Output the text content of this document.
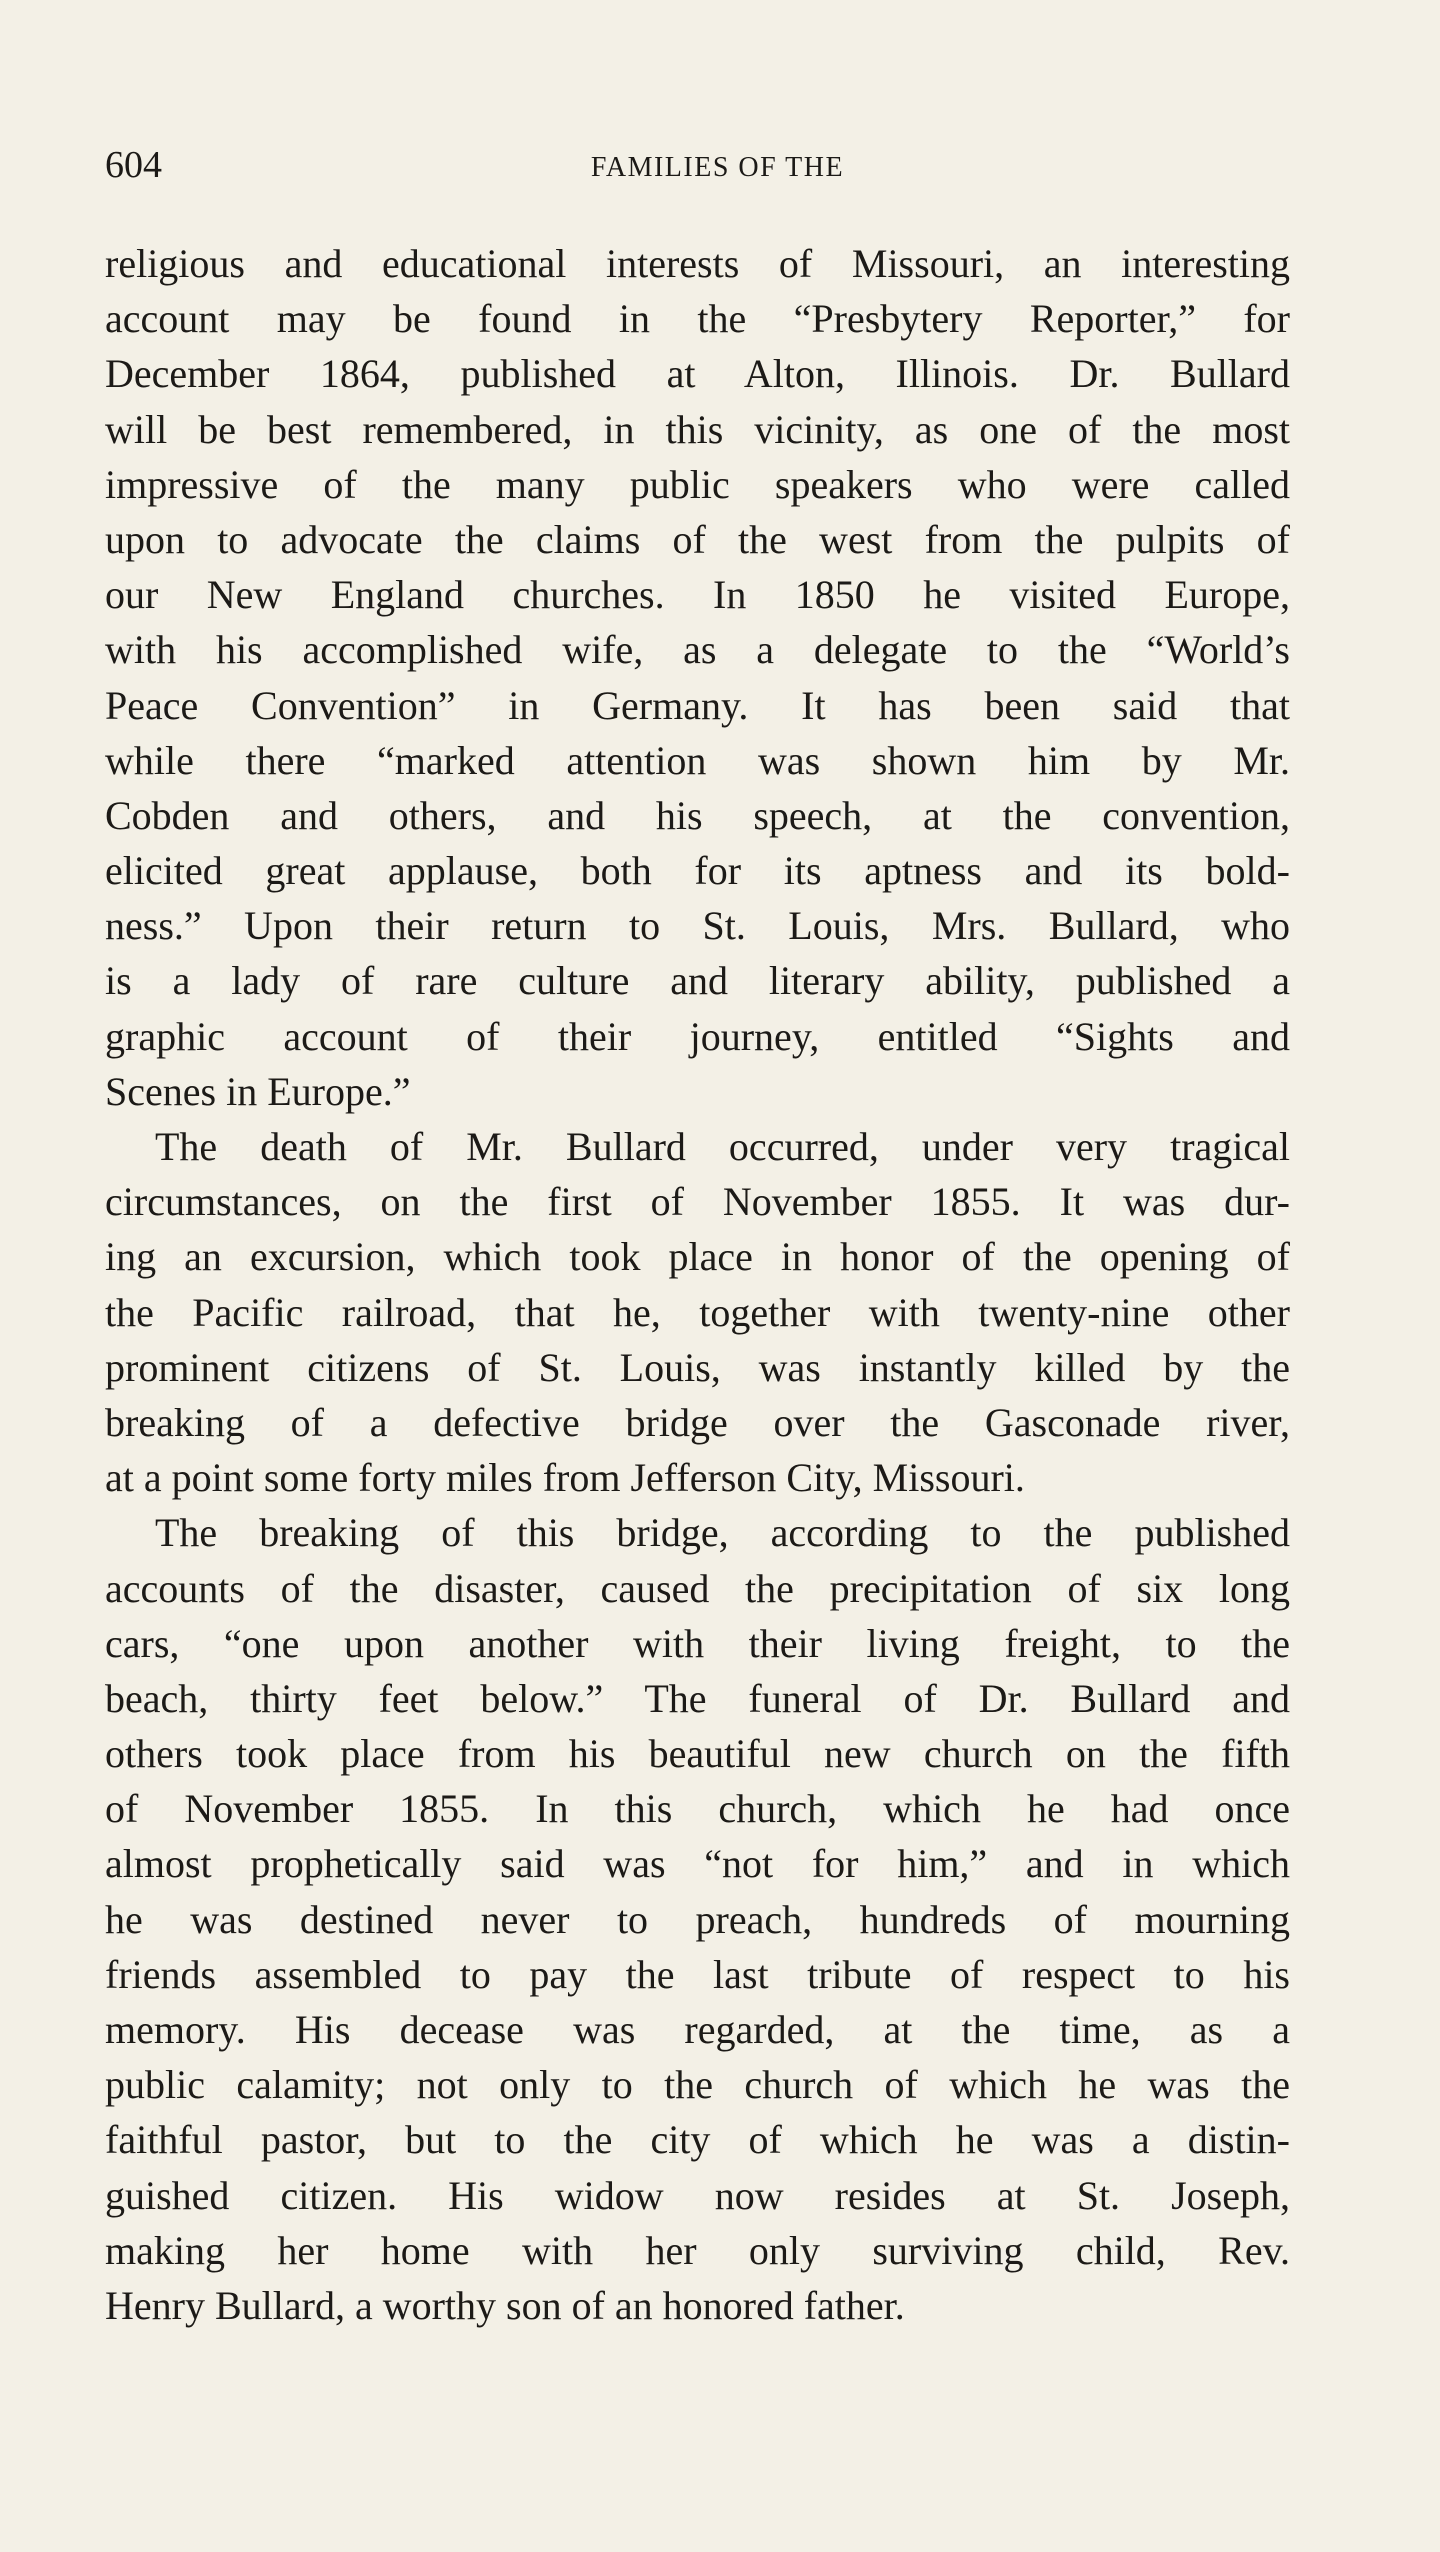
604	FAMILIES OF THE
religious and educational interests of Missouri, an interesting
account may be found in the “Presbytery Reporter,” for
December 1864, published at Alton, Illinois. Dr. Bullard
will be best remembered, in this vicinity, as one of the most
impressive of the many public speakers who were called
upon to advocate the claims of the west from the pulpits of
our New England churches. In 1850 he visited Europe,
with his accomplished wife, as a delegate to the “World’s
Peace Convention” in Germany. It has been said that
while there “marked attention was shown him by Mr.
Cobden and others, and his speech, at the convention,
elicited great applause, both for its aptness and its bold-
ness.” Upon their return to St. Louis, Mrs. Bullard, who
is a lady of rare culture and literary ability, published a
graphic account of their journey, entitled “Sights and
Scenes in Europe.”
The death of Mr. Bullard occurred, under very tragical
circumstances, on the first of November 1855. It was dur-
ing an excursion, which took place in honor of the opening of
the Pacific railroad, that he, together with twenty-nine other
prominent citizens of St. Louis, was instantly killed by the
breaking of a defective bridge over the Gasconade river,
at a point some forty miles from Jefferson City, Missouri.
The breaking of this bridge, according to the published
accounts of the disaster, caused the precipitation of six long
cars, “one upon another with their living freight, to the
beach, thirty feet below.” The funeral of Dr. Bullard and
others took place from his beautiful new church on the fifth
of November 1855. In this church, which he had once
almost prophetically said was “not for him,” and in which
he was destined never to preach, hundreds of mourning
friends assembled to pay the last tribute of respect to his
memory. His decease was regarded, at the time, as a
public calamity; not only to the church of which he was the
faithful pastor, but to the city of which he was a distin-
guished citizen. His widow now resides at St. Joseph,
making her home with her only surviving child, Rev.
Henry Bullard, a worthy son of an honored father.
